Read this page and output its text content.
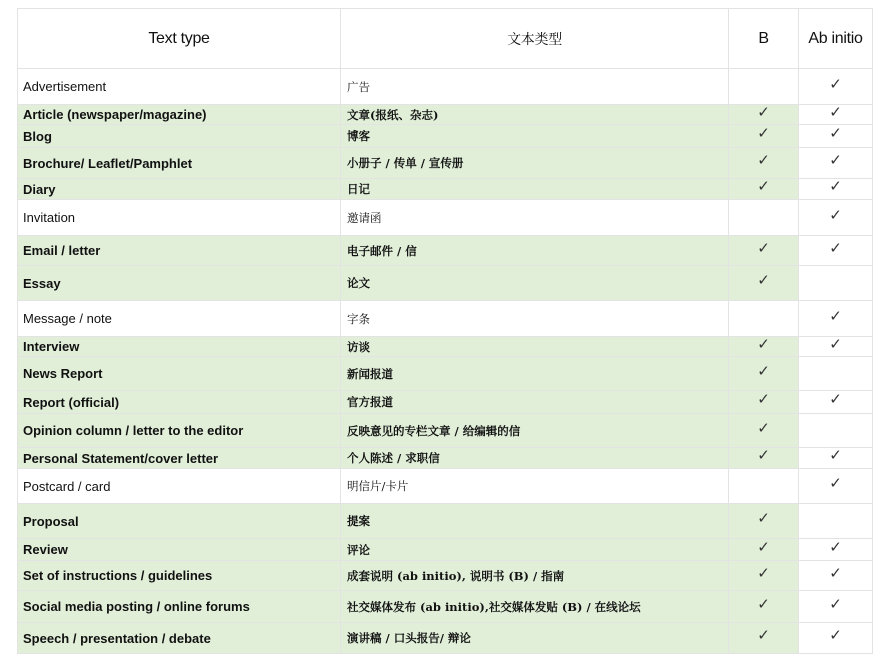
Text type	文本类型	B	Ab initio
Advertisement	广告		✓
Article (newspaper/magazine)	文章(报纸、杂志)	✓	✓
Blog	博客	✓	✓
Brochure/ Leaflet/Pamphlet	小册子 / 传单 / 宣传册	✓	✓
Diary	日记	✓	✓
Invitation	邀请函		✓
Email / letter	电子邮件 / 信	✓	✓
Essay	论文	✓	
Message / note	字条		✓
Interview	访谈	✓	✓
News Report	新闻报道	✓	
Report (official)	官方报道	✓	✓
Opinion column / letter to the editor	反映意见的专栏文章 / 给编辑的信	✓	
Personal Statement/cover letter	个人陈述 / 求职信	✓	✓
Postcard / card	明信片/卡片		✓
Proposal	提案	✓	
Review	评论	✓	✓
Set of instructions / guidelines	成套说明 (ab initio), 说明书 (B) / 指南	✓	✓
Social media posting / online forums	社交媒体发布 (ab initio),社交媒体发贴 (B) / 在线论坛	✓	✓
Speech / presentation / debate	演讲稿 / 口头报告/ 辩论	✓	✓
